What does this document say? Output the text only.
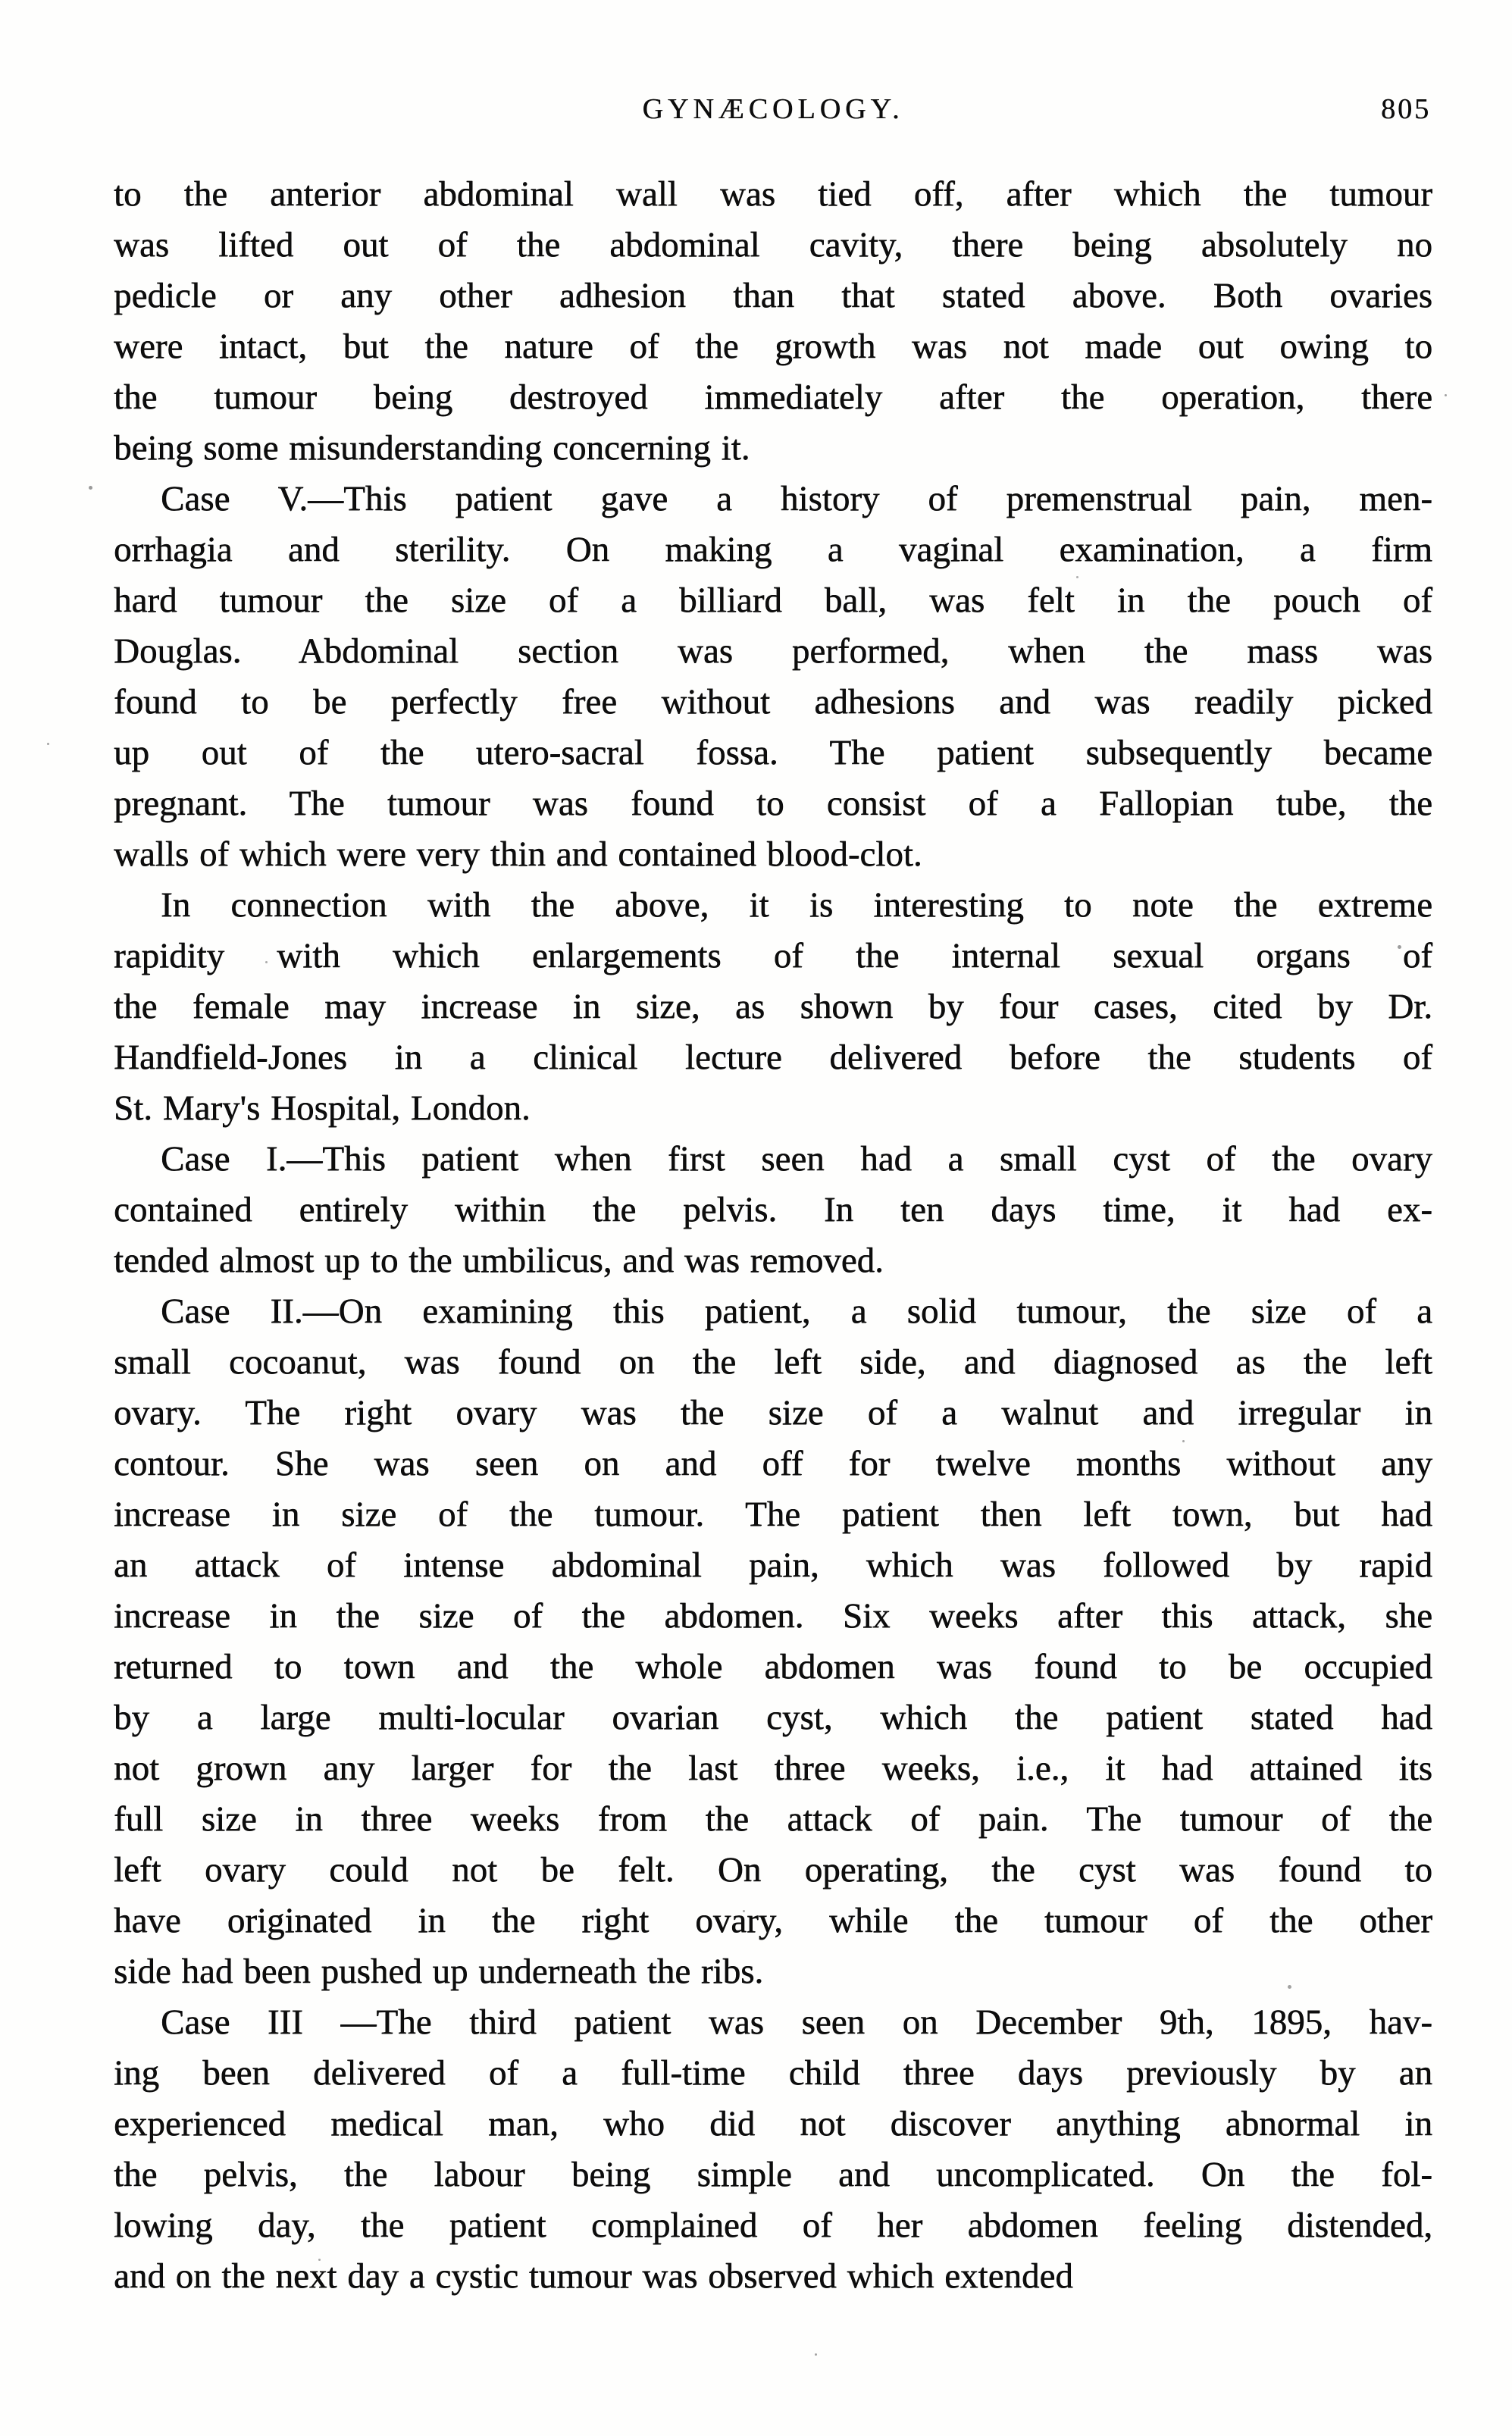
GYNÆCOLOGY.	805

to the anterior abdominal wall was tied off, after which the tumour
was lifted out of the abdominal cavity, there being absolutely no
pedicle or any other adhesion than that stated above. Both ovaries
were intact, but the nature of the growth was not made out owing to
the tumour being destroyed immediately after the operation, there
being some misunderstanding concerning it.

Case V.—This patient gave a history of premenstrual pain, men-
orrhagia and sterility. On making a vaginal examination, a firm
hard tumour the size of a billiard ball, was felt in the pouch of
Douglas. Abdominal section was performed, when the mass was
found to be perfectly free without adhesions and was readily picked
up out of the utero-sacral fossa. The patient subsequently became
pregnant. The tumour was found to consist of a Fallopian tube, the
walls of which were very thin and contained blood-clot.

In connection with the above, it is interesting to note the extreme
rapidity with which enlargements of the internal sexual organs of
the female may increase in size, as shown by four cases, cited by Dr.
Handfield-Jones in a clinical lecture delivered before the students of
St. Mary's Hospital, London.

Case I.—This patient when first seen had a small cyst of the ovary
contained entirely within the pelvis. In ten days time, it had ex-
tended almost up to the umbilicus, and was removed.

Case II.—On examining this patient, a solid tumour, the size of a
small cocoanut, was found on the left side, and diagnosed as the left
ovary. The right ovary was the size of a walnut and irregular in
contour. She was seen on and off for twelve months without any
increase in size of the tumour. The patient then left town, but had
an attack of intense abdominal pain, which was followed by rapid
increase in the size of the abdomen. Six weeks after this attack, she
returned to town and the whole abdomen was found to be occupied
by a large multi-locular ovarian cyst, which the patient stated had
not grown any larger for the last three weeks, i.e., it had attained its
full size in three weeks from the attack of pain. The tumour of the
left ovary could not be felt. On operating, the cyst was found to
have originated in the right ovary, while the tumour of the other
side had been pushed up underneath the ribs.

Case III —The third patient was seen on December 9th, 1895, hav-
ing been delivered of a full-time child three days previously by an
experienced medical man, who did not discover anything abnormal in
the pelvis, the labour being simple and uncomplicated. On the fol-
lowing day, the patient complained of her abdomen feeling distended,
and on the next day a cystic tumour was observed which extended
